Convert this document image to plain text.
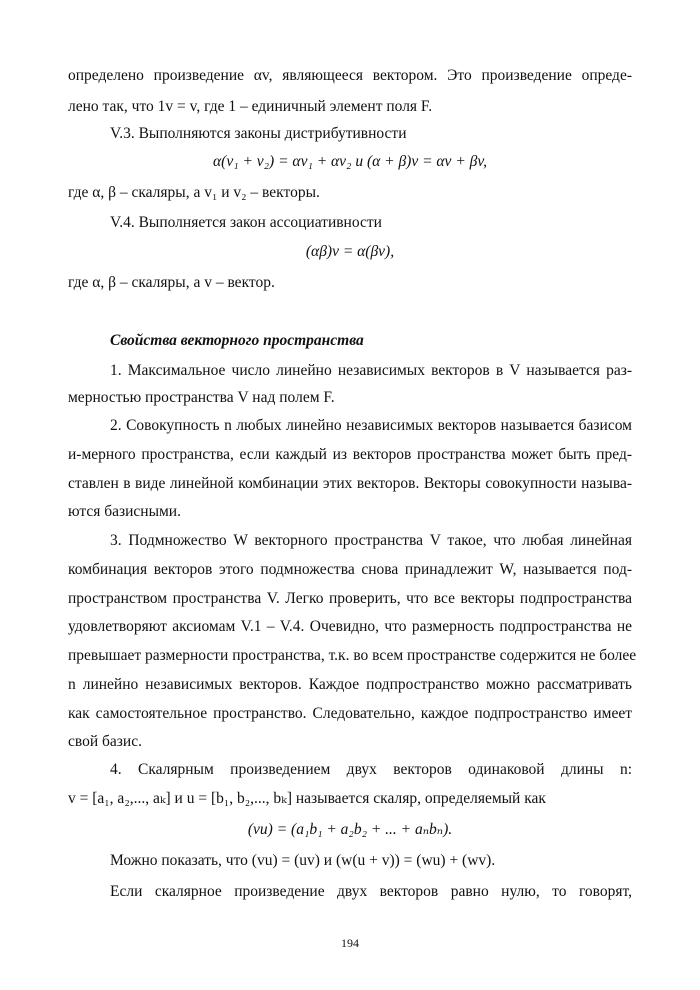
определено произведение αv, являющееся вектором. Это произведение опреде-
лено так, что 1v = v, где 1 – единичный элемент поля F.
V.3. Выполняются законы дистрибутивности
α(v₁ + v₂) = αv₁ + αv₂ и (α + β)v = αv + βv,
где α, β – скаляры, а v₁ и v₂ – векторы.
V.4. Выполняется закон ассоциативности
(αβ)v = α(βv),
где α, β – скаляры, а v – вектор.
Свойства векторного пространства
1. Максимальное число линейно независимых векторов в V называется раз-
мерностью пространства V над полем F.
2. Совокупность n любых линейно независимых векторов называется базисом
и-мерного пространства, если каждый из векторов пространства может быть пред-
ставлен в виде линейной комбинации этих векторов. Векторы совокупности называ-
ются базисными.
3. Подмножество W векторного пространства V такое, что любая линейная
комбинация векторов этого подмножества снова принадлежит W, называется под-
пространством пространства V. Легко проверить, что все векторы подпространства
удовлетворяют аксиомам V.1 – V.4. Очевидно, что размерность подпространства не
превышает размерности пространства, т.к. во всем пространстве содержится не более
n линейно независимых векторов. Каждое подпространство можно рассматривать
как самостоятельное пространство. Следовательно, каждое подпространство имеет
свой базис.
4. Скалярным произведением двух векторов одинаковой длины n:
v = [a₁, a₂,..., aₖ] и u = [b₁, b₂,..., bₖ] называется скаляр, определяемый как
(vu) = (a₁b₁ + a₂b₂ + ... + aₙbₙ).
Можно показать, что (vu) = (uv) и (w(u + v)) = (wu) + (wv).
Если скалярное произведение двух векторов равно нулю, то говорят,
194
